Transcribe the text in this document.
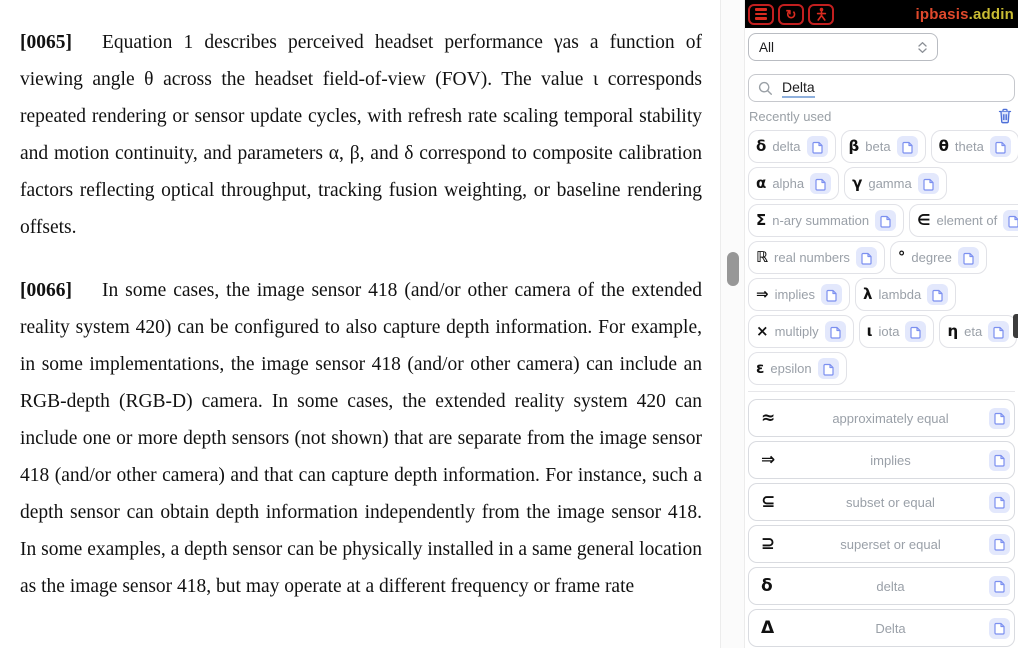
[0065] Equation 1 describes perceived headset performance γas a function of viewing angle θ across the headset field-of-view (FOV). The value ι corresponds repeated rendering or sensor update cycles, with refresh rate scaling temporal stability and motion continuity, and parameters α, β, and δ correspond to composite calibration factors reflecting optical throughput, tracking fusion weighting, or baseline rendering offsets.

[0066] In some cases, the image sensor 418 (and/or other camera of the extended reality system 420) can be configured to also capture depth information. For example, in some implementations, the image sensor 418 (and/or other camera) can include an RGB-depth (RGB-D) camera. In some cases, the extended reality system 420 can include one or more depth sensors (not shown) that are separate from the image sensor 418 (and/or other camera) and that can capture depth information. For instance, such a depth sensor can obtain depth information independently from the image sensor 418. In some examples, a depth sensor can be physically installed in a same general location as the image sensor 418, but may operate at a different frequency or frame rate

↻	ipbasis.addin
All
Delta
Recently used
δ delta	β beta	θ theta
α alpha	γ gamma
Σ n-ary summation	∈ element of
ℝ real numbers	° degree
⇒ implies	λ lambda
× multiply	ι iota	η eta
ε epsilon
≈	approximately equal
⇒	implies
⊆	subset or equal
⊇	superset or equal
δ	delta
Δ	Delta
